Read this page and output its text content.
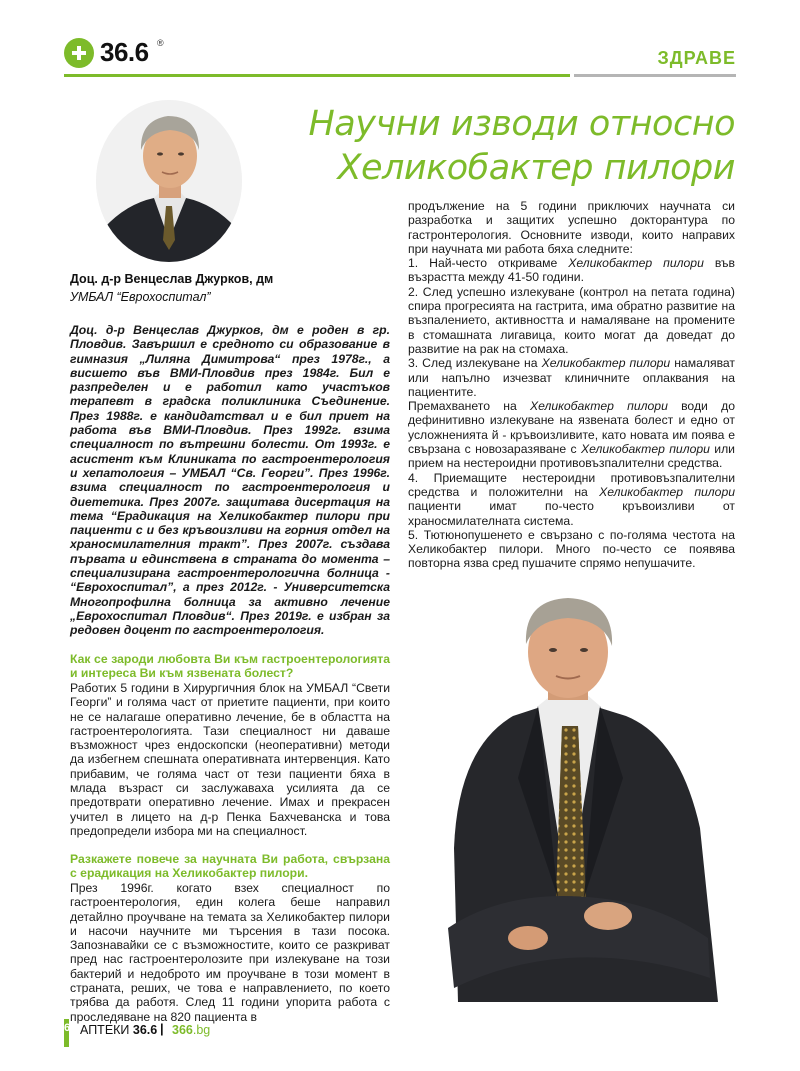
36.6 ®
ЗДРАВЕ
Научни изводи относно
Хеликобактер пилори
Доц. д-р Венцеслав Джурков, дм
УМБАЛ “Еврохоспитал”

Доц. д-р Венцеслав Джурков, дм е роден в гр. Пловдив. Завършил е средното си образование в гимназия „Лиляна Димитрова“ през 1978г., а висшето във ВМИ-Пловдив през 1984г. Бил е разпределен и е работил като участъков терапевт в градска поликлиника Съединение. През 1988г. е кандидатствал и е бил приет на работа във ВМИ-Пловдив. През 1992г. взима специалност по вътрешни болести. От 1993г. е асистент към Клиниката по гастроентерология и хепатология – УМБАЛ “Св. Георги”. През 1996г. взима специалност по гастроентерология и диететика. През 2007г. защитава дисертация на тема “Ерадикация на Хеликобактер пилори при пациенти с и без кръвоизливи на горния отдел на храносмилателния тракт”. През 2007г. създава първата и единствена в страната до момента – специализирана гастроентерологична болница - “Еврохоспитал”, а през 2012г. - Университетска Многопрофилна болница за активно лечение „Еврохоспитал Пловдив“. През 2019г. е избран за редовен доцент по гастроентерология.

Как се зароди любовта Ви към гастроентерологията и интереса Ви към язвената болест?

Работих 5 години в Хирургичния блок на УМБАЛ “Свети Георги” и голяма част от приетите пациенти, при които не се налагаше оперативно лечение, бе в областта на гастроентерологията. Тази специалност ни даваше възможност чрез ендоскопски (неоперативни) методи да избегнем спешната оперативната интервенция. Като прибавим, че голяма част от тези пациенти бяха в млада възраст си заслужаваха усилията да се предотврати оперативно лечение. Имах и прекрасен учител в лицето на д-р Пенка Бахчеванска и това предопредели избора ми на специалност.

Разкажете повече за научната Ви работа, свързана с ерадикация на Хеликобактер пилори.

През 1996г. когато взех специалност по гастроентерология, един колега беше направил детайлно проучване на темата за Хеликобактер пилори и насочи научните ми търсения в тази посока. Запознавайки се с възможностите, които се разкриват пред нас гастроентеролозите при излекуване на този бактерий и недоброто им проучване в този момент в страната, реших, че това е направлението, по което трябва да работя. След 11 години упорита работа с проследяване на 820 пациента в

продължение на 5 години приключих научната си разработка и защитих успешно докторантура по гастронтерология. Основните изводи, които направих при научната ми работа бяха следните:

1. Най-често откриваме Хеликобактер пилори във възрастта между 41-50 години.

2. След успешно излекуване (контрол на петата година) спира прогресията на гастрита, има обратно развитие на възпалението, активността и намаляване на промените в стомашната лигавица, които могат да доведат до развитие на рак на стомаха.

3. След излекуване на Хеликобактер пилори намаляват или напълно изчезват клиничните оплаквания на пациентите.

Премахването на Хеликобактер пилори води до дефинитивно излекуване на язвената болест и едно от усложненията й - кръвоизливите, като новата им поява е свързана с новозаразяване с Хеликобактер пилори или прием на нестероидни противовъзпалителни средства.

4. Приемащите нестероидни противовъзпалителни средства и положителни на Хеликобактер пилори пациенти имат по-често кръвоизливи от храносмилателната система.

5. Тютюнопушенето е свързано с по-голяма честота на Хеликобактер пилори. Много по-често се появява повторна язва сред пушачите спрямо непушачите.

6 АПТЕКИ 36.6 | 366.bg
